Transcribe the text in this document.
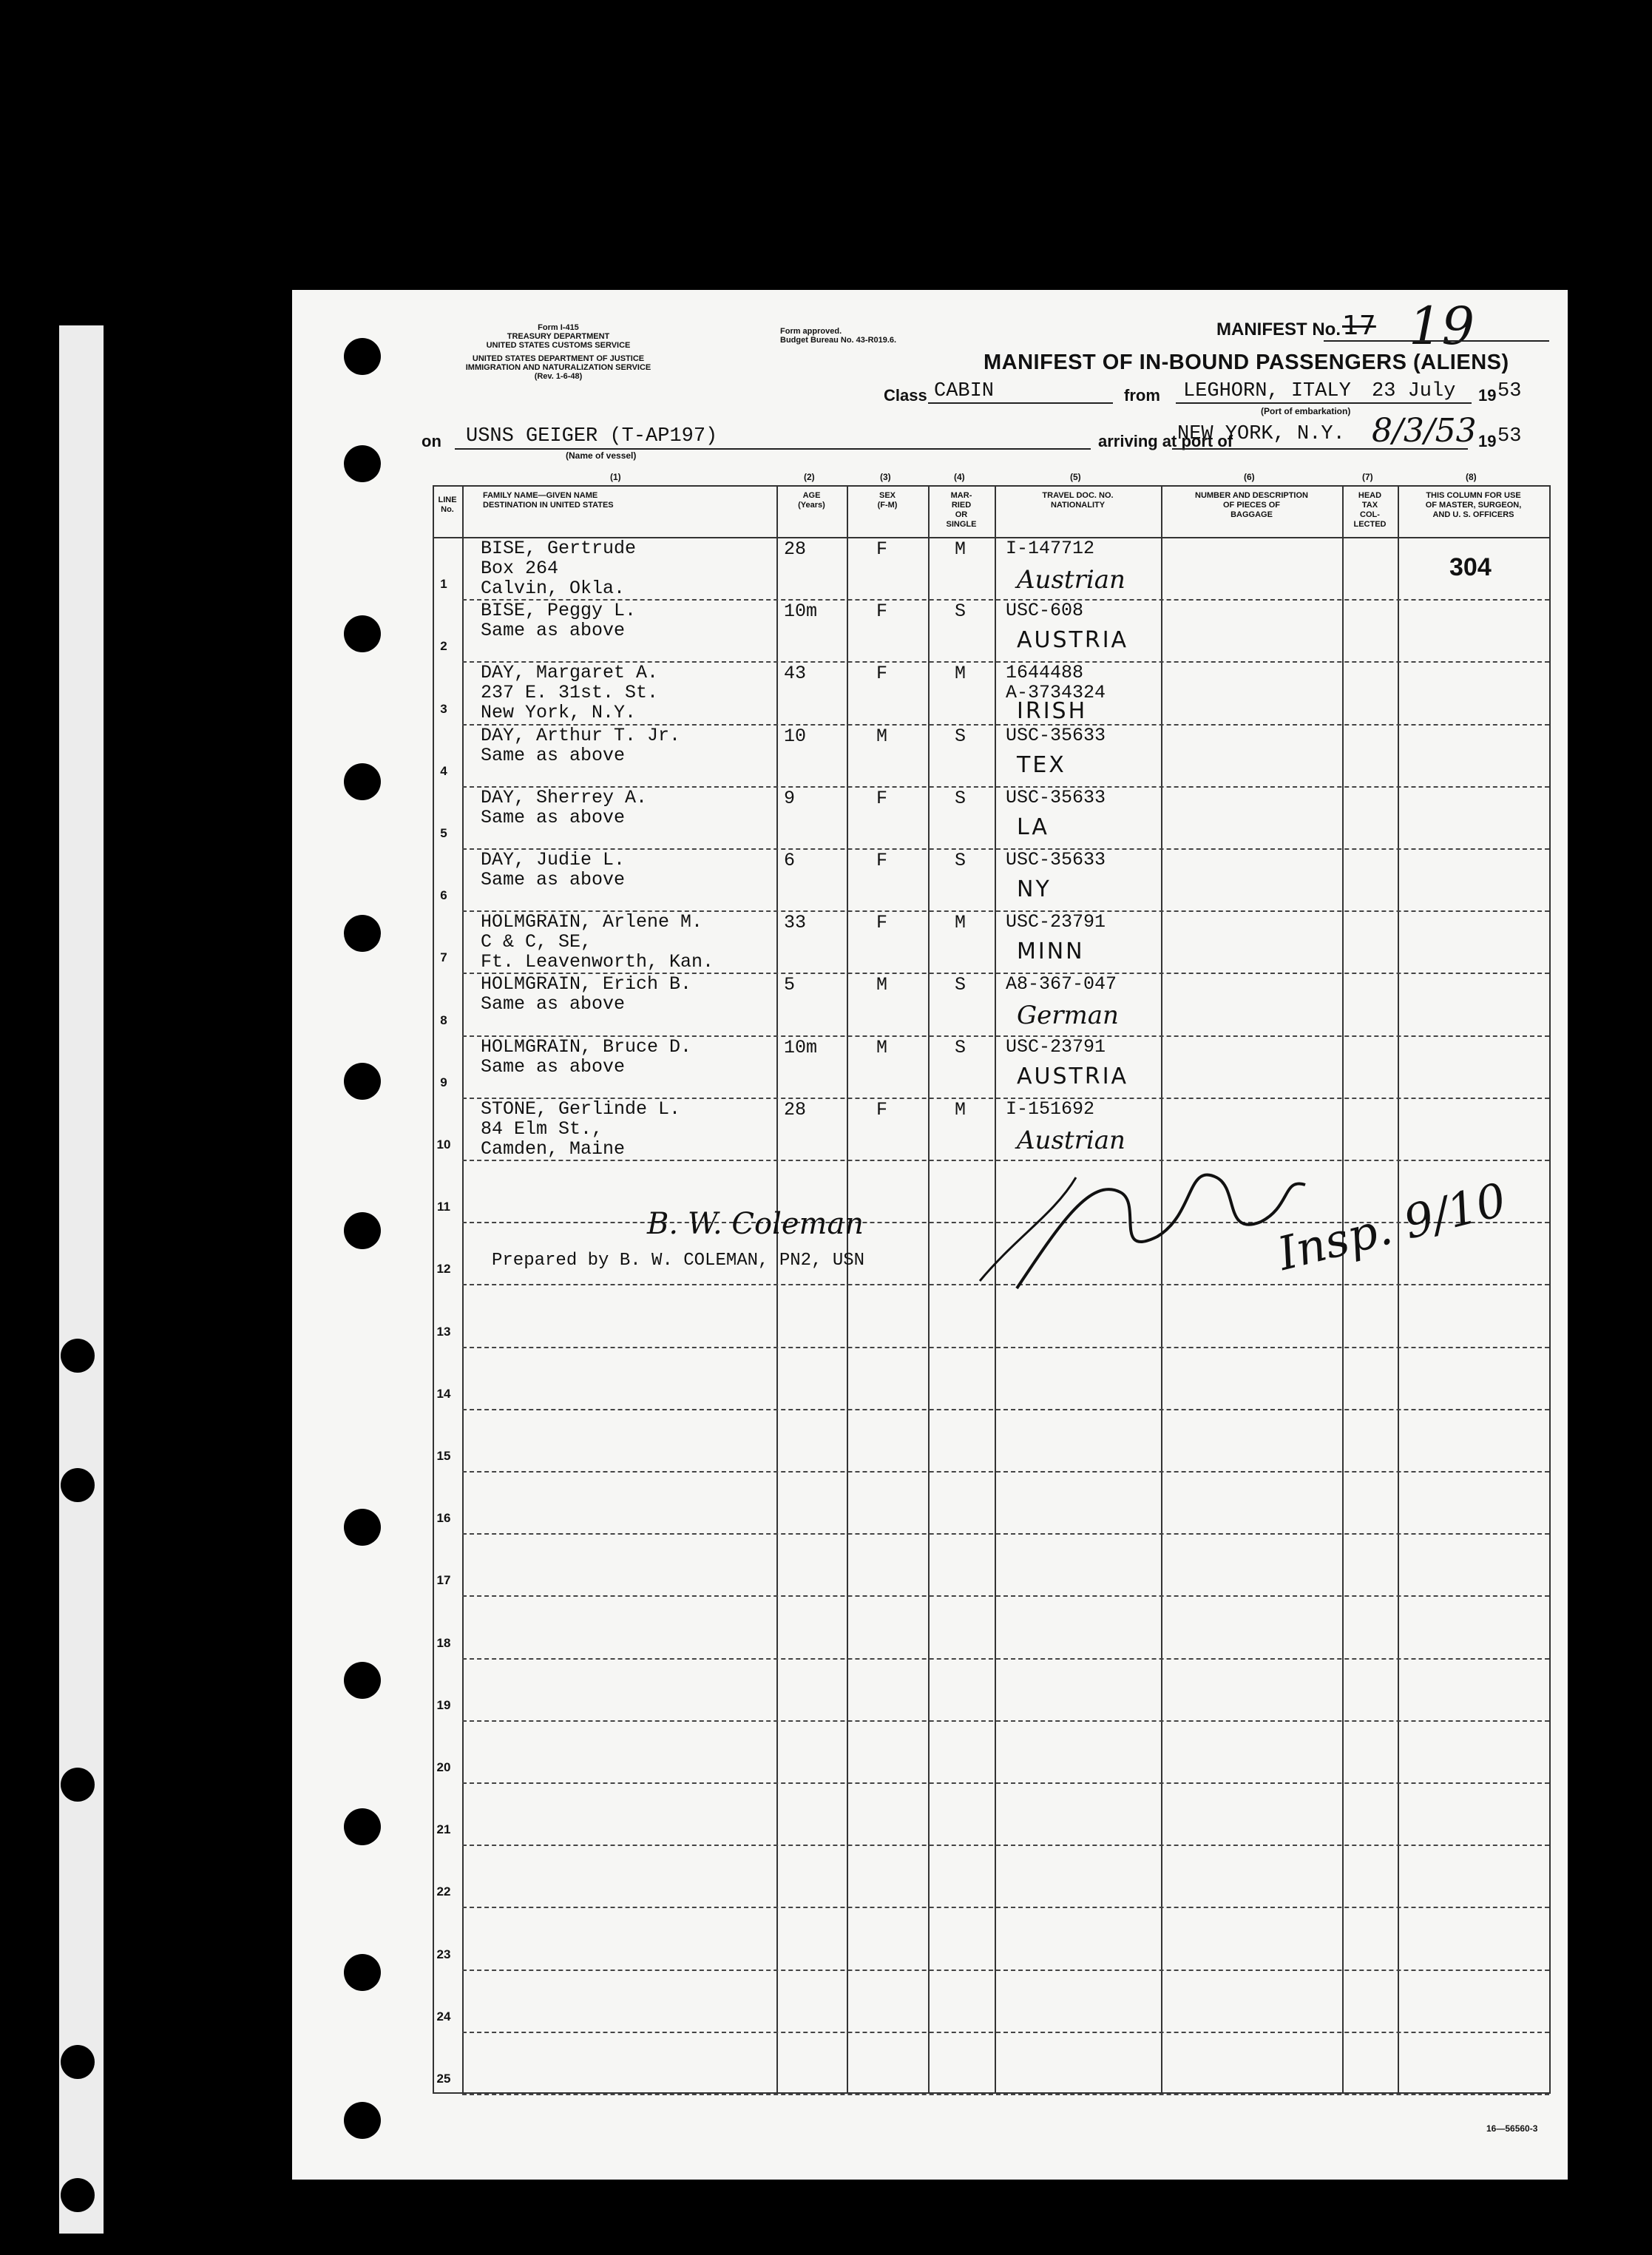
Form I-415
TREASURY DEPARTMENT
UNITED STATES CUSTOMS SERVICE
UNITED STATES DEPARTMENT OF JUSTICE
IMMIGRATION AND NATURALIZATION SERVICE
(Rev. 1-6-48)
Form approved.
Budget Bureau No. 43-R019.6.
MANIFEST No. 17 19
MANIFEST OF IN-BOUND PASSENGERS (ALIENS)
Class CABIN	from LEGHORN, ITALY 23 July 19 53
(Port of embarkation)
on USNS GEIGER (T-AP197)
(Name of vessel)
arriving at port of
NEW YORK, N.Y. 8/3/53 19 53
1
BISE, Gertrude
Box 264
Calvin, Okla.
28	F	M I-147712
Austrian	304
2
BISE, Peggy L.
Same as above
10m	F	S USC-608
AUSTRIA
3
DAY, Margaret A.
237 E. 31st. St.
New York, N.Y.
43	F	M 1644488
A-3734324
IRISH
4
DAY, Arthur T. Jr.
Same as above
10	M	S USC-35633
TEX
5
DAY, Sherrey A.
Same as above
9	F	S USC-35633
LA
6
DAY, Judie L.
Same as above
6	F	S USC-35633
NY
7
HOLMGRAIN, Arlene M.
C & C, SE,
Ft. Leavenworth, Kan.
33	F	M USC-23791
MINN
8
HOLMGRAIN, Erich B.
Same as above
5	M	S A8-367-047
German
9
HOLMGRAIN, Bruce D.
Same as above
10m	M	S USC-23791
AUSTRIA
10
STONE, Gerlinde L.
84 Elm St.,
Camden, Maine
28	F	M I-151692
Austrian
11
12
13
14
15
16
17
18
19
20
21
22
23
24
25
B. W. Coleman
Prepared by B. W. COLEMAN, PN2, USN	Insp. 9/10
16—56560-3
(1)
FAMILY NAME—GIVEN NAME
DESTINATION IN UNITED STATES
(2)
AGE
(Years)
(3)
SEX
(F-M)
(4)
MAR-
RIED
OR
SINGLE
(5)
TRAVEL DOC. NO.
NATIONALITY
(6)
NUMBER AND DESCRIPTION
OF PIECES OF
BAGGAGE
(7)
HEAD
TAX
COL-
LECTED
(8)
THIS COLUMN FOR USE
OF MASTER, SURGEON,
AND U. S. OFFICERS
LINE
No.
